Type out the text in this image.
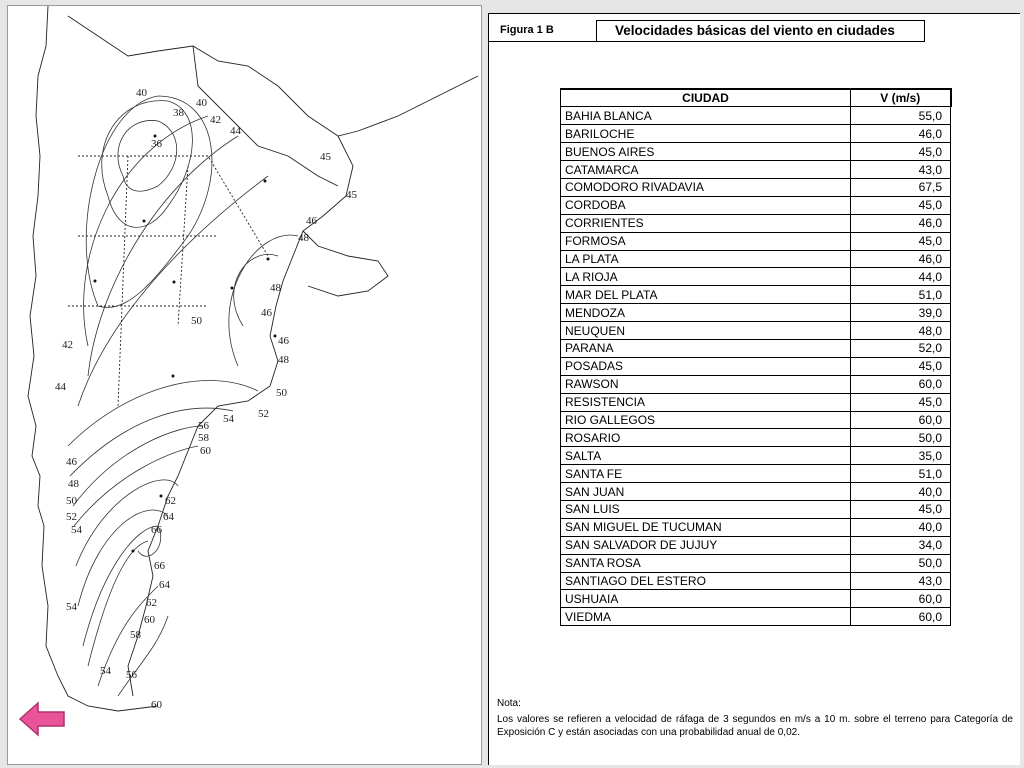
40
38
40
42
44
36
45
45
46
48
48
46
46
48
50
52
50
54
56
58
60
42
44
46
48
50
52
54
62
64
66
66
64
62
60
58
54
54 56
60
Figura 1 B	Velocidades básicas del viento en ciudades
CIUDAD	V (m/s)
BAHIA BLANCA	55,0
BARILOCHE	46,0
BUENOS AIRES	45,0
CATAMARCA	43,0
COMODORO RIVADAVIA	67,5
CORDOBA	45,0
CORRIENTES	46,0
FORMOSA	45,0
LA PLATA	46,0
LA RIOJA	44,0
MAR DEL PLATA	51,0
MENDOZA	39,0
NEUQUEN	48,0
PARANA	52,0
POSADAS	45,0
RAWSON	60,0
RESISTENCIA	45,0
RIO GALLEGOS	60,0
ROSARIO	50,0
SALTA	35,0
SANTA FE	51,0
SAN JUAN	40,0
SAN LUIS	45,0
SAN MIGUEL DE TUCUMAN	40,0
SAN SALVADOR DE JUJUY	34,0
SANTA ROSA	50,0
SANTIAGO DEL ESTERO	43,0
USHUAIA	60,0
VIEDMA	60,0
Nota:
Los valores se refieren a velocidad de ráfaga de 3 segundos en m/s a 10 m. sobre el terreno para Categoría de Exposición C y están asociadas con una probabilidad anual de 0,02.
